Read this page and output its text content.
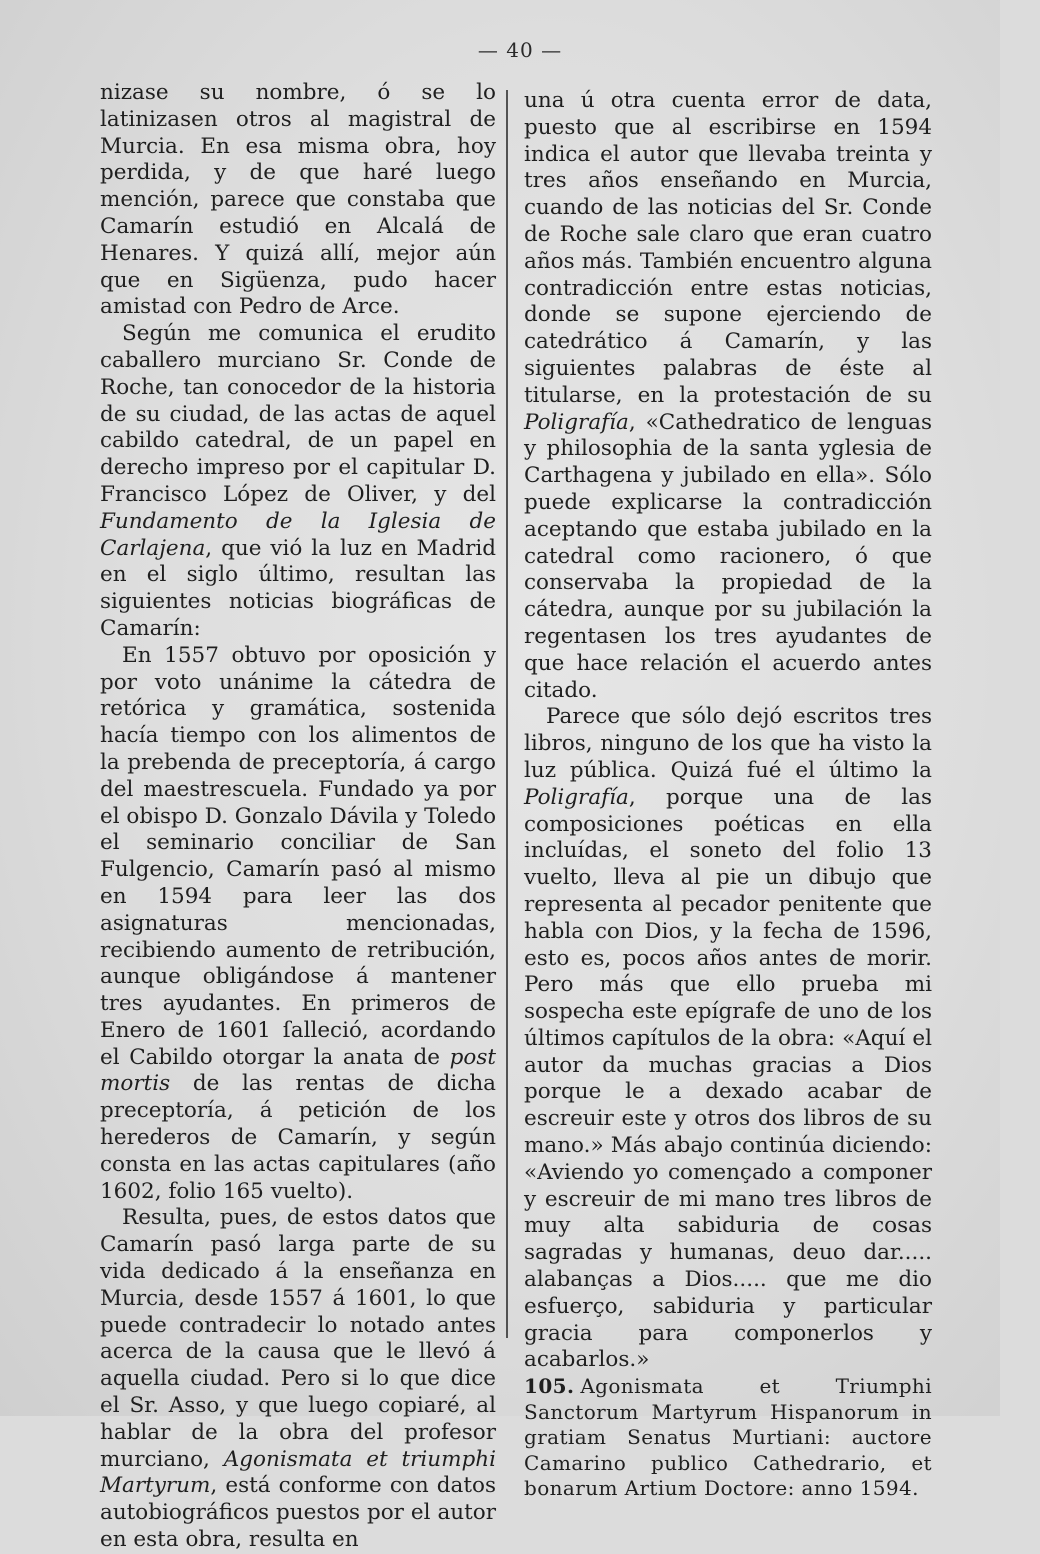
— 40 —

nizase su nombre, ó se lo latinizasen otros al magistral de Murcia. En esa misma obra, hoy perdida, y de que haré luego mención, parece que constaba que Camarín estudió en Alcalá de Henares. Y quizá allí, mejor aún que en Sigüenza, pudo hacer amistad con Pedro de Arce.

Según me comunica el erudito caballero murciano Sr. Conde de Roche, tan conocedor de la historia de su ciudad, de las actas de aquel cabildo catedral, de un papel en derecho impreso por el capitular D. Francisco López de Oliver, y del Fundamento de la Iglesia de Carlajena, que vió la luz en Madrid en el siglo último, resultan las siguientes noticias biográficas de Camarín:

En 1557 obtuvo por oposición y por voto unánime la cátedra de retórica y gramática, sostenida hacía tiempo con los alimentos de la prebenda de preceptoría, á cargo del maestrescuela. Fundado ya por el obispo D. Gonzalo Dávila y Toledo el seminario conciliar de San Fulgencio, Camarín pasó al mismo en 1594 para leer las dos asignaturas mencionadas, recibiendo aumento de retribución, aunque obligándose á mantener tres ayudantes. En primeros de Enero de 1601 ſalleció, acordando el Cabildo otorgar la anata de post mortis de las rentas de dicha preceptoría, á petición de los herederos de Camarín, y según consta en las actas capitulares (año 1602, folio 165 vuelto).

Resulta, pues, de estos datos que Camarín pasó larga parte de su vida dedicado á la enseñanza en Murcia, desde 1557 á 1601, lo que puede contradecir lo notado antes acerca de la causa que le llevó á aquella ciudad. Pero si lo que dice el Sr. Asso, y que luego copiaré, al hablar de la obra del profesor murciano, Agonismata et triumphi Martyrum, está conforme con datos autobiográficos puestos por el autor en esta obra, resulta en

una ú otra cuenta error de data, puesto que al escribirse en 1594 indica el autor que llevaba treinta y tres años enseñando en Murcia, cuando de las noticias del Sr. Conde de Roche sale claro que eran cuatro años más. También encuentro alguna contradicción entre estas noticias, donde se supone ejerciendo de catedrático á Camarín, y las siguientes palabras de éste al titularse, en la protestación de su Poligrafía, «Cathedratico de lenguas y philosophia de la santa yglesia de Carthagena y jubilado en ella». Sólo puede explicarse la contradicción aceptando que estaba jubilado en la catedral como racionero, ó que conservaba la propiedad de la cátedra, aunque por su jubilación la regentasen los tres ayudantes de que hace relación el acuerdo antes citado.

Parece que sólo dejó escritos tres libros, ninguno de los que ha visto la luz pública. Quizá fué el último la Poligrafía, porque una de las composiciones poéticas en ella incluídas, el soneto del folio 13 vuelto, lleva al pie un dibujo que representa al pecador penitente que habla con Dios, y la fecha de 1596, esto es, pocos años antes de morir. Pero más que ello prueba mi sospecha este epígrafe de uno de los últimos capítulos de la obra: «Aquí el autor da muchas gracias a Dios porque le a dexado acabar de escreuir este y otros dos libros de su mano.» Más abajo continúa diciendo: «Aviendo yo començado a componer y escreuir de mi mano tres libros de muy alta sabiduria de cosas sagradas y humanas, deuo dar..... alabanças a Dios..... que me dio esfuerço, sabiduria y particular gracia para componerlos y acabarlos.»

105. Agonismata et Triumphi Sanctorum Martyrum Hispanorum in gratiam Senatus Murtiani: auctore Camarino publico Cathedrario, et bonarum Artium Doctore: anno 1594.
